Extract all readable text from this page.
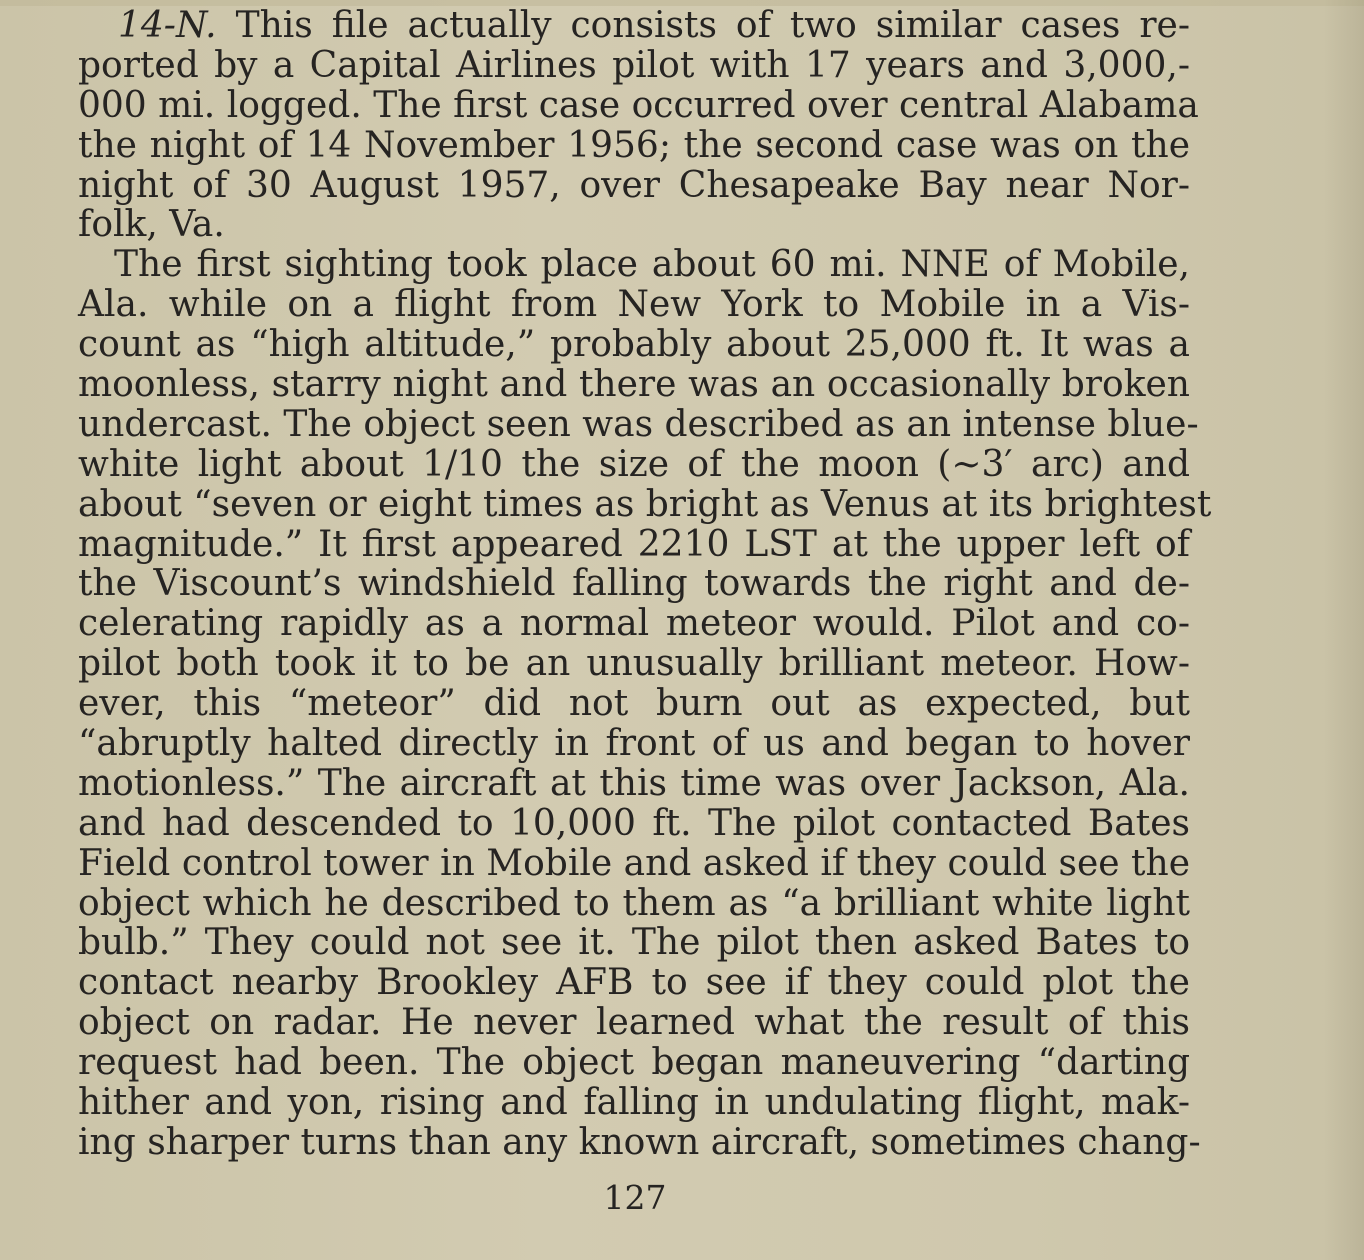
14-N. This file actually consists of two similar cases re-
ported by a Capital Airlines pilot with 17 years and 3,000,-
000 mi. logged. The first case occurred over central Alabama
the night of 14 November 1956; the second case was on the
night of 30 August 1957, over Chesapeake Bay near Nor-
folk, Va.
 The first sighting took place about 60 mi. NNE of Mobile,
Ala. while on a flight from New York to Mobile in a Vis-
count as “high altitude,” probably about 25,000 ft. It was a
moonless, starry night and there was an occasionally broken
undercast. The object seen was described as an intense blue-
white light about 1/10 the size of the moon (∼3′ arc) and
about “seven or eight times as bright as Venus at its brightest
magnitude.” It first appeared 2210 LST at the upper left of
the Viscount’s windshield falling towards the right and de-
celerating rapidly as a normal meteor would. Pilot and co-
pilot both took it to be an unusually brilliant meteor. How-
ever, this “meteor” did not burn out as expected, but
“abruptly halted directly in front of us and began to hover
motionless.” The aircraft at this time was over Jackson, Ala.
and had descended to 10,000 ft. The pilot contacted Bates
Field control tower in Mobile and asked if they could see the
object which he described to them as “a brilliant white light
bulb.” They could not see it. The pilot then asked Bates to
contact nearby Brookley AFB to see if they could plot the
object on radar. He never learned what the result of this
request had been. The object began maneuvering “darting
hither and yon, rising and falling in undulating flight, mak-
ing sharper turns than any known aircraft, sometimes chang-
127
